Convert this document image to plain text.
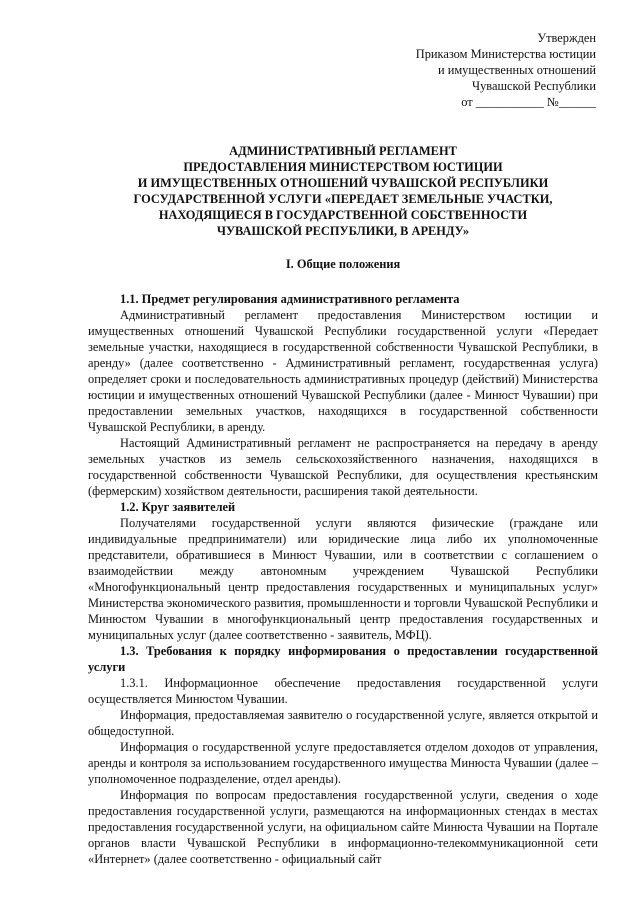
Утвержден
Приказом Министерства юстиции
и имущественных отношений
Чувашской Республики
от ___________ №______
АДМИНИСТРАТИВНЫЙ РЕГЛАМЕНТ
ПРЕДОСТАВЛЕНИЯ МИНИСТЕРСТВОМ ЮСТИЦИИ
И ИМУЩЕСТВЕННЫХ ОТНОШЕНИЙ ЧУВАШСКОЙ РЕСПУБЛИКИ
ГОСУДАРСТВЕННОЙ УСЛУГИ «ПЕРЕДАЕТ ЗЕМЕЛЬНЫЕ УЧАСТКИ,
НАХОДЯЩИЕСЯ В ГОСУДАРСТВЕННОЙ СОБСТВЕННОСТИ
ЧУВАШСКОЙ РЕСПУБЛИКИ, В АРЕНДУ»
I. Общие положения

1.1. Предмет регулирования административного регламента

Административный регламент предоставления Министерством юстиции и имущественных отношений Чувашской Республики государственной услуги «Передает земельные участки, находящиеся в государственной собственности Чувашской Республики, в аренду» (далее соответственно - Административный регламент, государственная услуга) определяет сроки и последовательность административных процедур (действий) Министерства юстиции и имущественных отношений Чувашской Республики (далее - Минюст Чувашии) при предоставлении земельных участков, находящихся в государственной собственности Чувашской Республики, в аренду.

Настоящий Административный регламент не распространяется на передачу в аренду земельных участков из земель сельскохозяйственного назначения, находящихся в государственной собственности Чувашской Республики, для осуществления крестьянским (фермерским) хозяйством деятельности, расширения такой деятельности.

1.2. Круг заявителей

Получателями государственной услуги являются физические (граждане или индивидуальные предприниматели) или юридические лица либо их уполномоченные представители, обратившиеся в Минюст Чувашии, или в соответствии с соглашением о взаимодействии между автономным учреждением Чувашской Республики «Многофункциональный центр предоставления государственных и муниципальных услуг» Министерства экономического развития, промышленности и торговли Чувашской Республики и Минюстом Чувашии в многофункциональный центр предоставления государственных и муниципальных услуг (далее соответственно - заявитель, МФЦ).

1.3. Требования к порядку информирования о предоставлении государственной услуги

1.3.1. Информационное обеспечение предоставления государственной услуги осуществляется Минюстом Чувашии.

Информация, предоставляемая заявителю о государственной услуге, является открытой и общедоступной.

Информация о государственной услуге предоставляется отделом доходов от управления, аренды и контроля за использованием государственного имущества Минюста Чувашии (далее – уполномоченное подразделение, отдел аренды).

Информация по вопросам предоставления государственной услуги, сведения о ходе предоставления государственной услуги, размещаются на информационных стендах в местах предоставления государственной услуги, на официальном сайте Минюста Чувашии на Портале органов власти Чувашской Республики в информационно-телекоммуникационной сети «Интернет» (далее соответственно - официальный сайт
